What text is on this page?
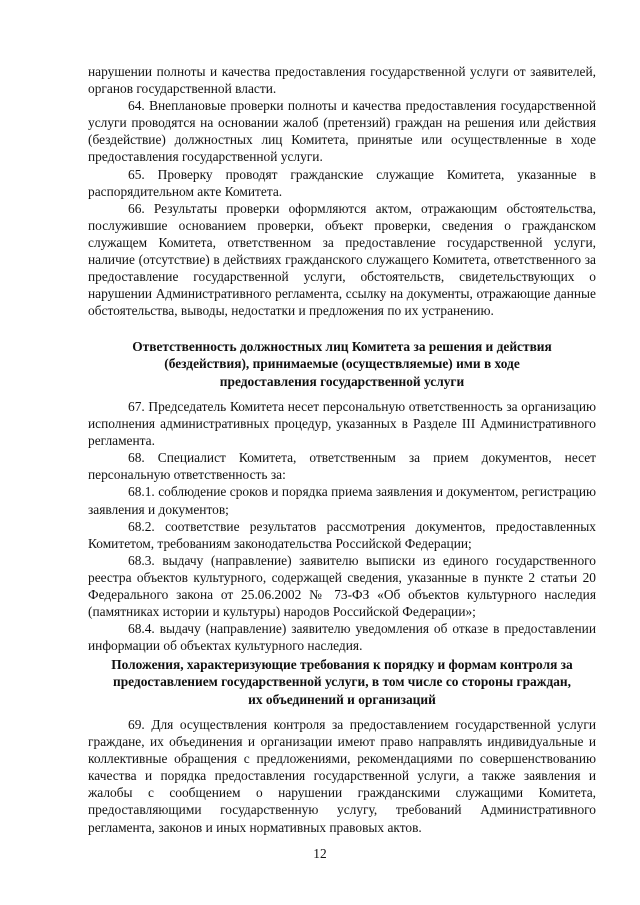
нарушении полноты и качества предоставления государственной услуги от заявителей, органов государственной власти.

64. Внеплановые проверки полноты и качества предоставления государственной услуги проводятся на основании жалоб (претензий) граждан на решения или действия (бездействие) должностных лиц Комитета, принятые или осуществленные в ходе предоставления государственной услуги.

65. Проверку проводят гражданские служащие Комитета, указанные в распорядительном акте Комитета.

66. Результаты проверки оформляются актом, отражающим обстоятельства, послужившие основанием проверки, объект проверки, сведения о гражданском служащем Комитета, ответственном за предоставление государственной услуги, наличие (отсутствие) в действиях гражданского служащего Комитета, ответственного за предоставление государственной услуги, обстоятельств, свидетельствующих о нарушении Административного регламента, ссылку на документы, отражающие данные обстоятельства, выводы, недостатки и предложения по их устранению.

Ответственность должностных лиц Комитета за решения и действия (бездействия), принимаемые (осуществляемые) ими в ходе предоставления государственной услуги

67. Председатель Комитета несет персональную ответственность за организацию исполнения административных процедур, указанных в Разделе III Административного регламента.

68. Специалист Комитета, ответственным за прием документов, несет персональную ответственность за:

68.1. соблюдение сроков и порядка приема заявления и документом, регистрацию заявления и документов;

68.2. соответствие результатов рассмотрения документов, предоставленных Комитетом, требованиям законодательства Российской Федерации;

68.3. выдачу (направление) заявителю выписки из единого государственного реестра объектов культурного, содержащей сведения, указанные в пункте 2 статьи 20 Федерального закона от 25.06.2002 № 73-ФЗ «Об объектов культурного наследия (памятниках истории и культуры) народов Российской Федерации»;

68.4. выдачу (направление) заявителю уведомления об отказе в предоставлении информации об объектах культурного наследия.

Положения, характеризующие требования к порядку и формам контроля за предоставлением государственной услуги, в том числе со стороны граждан, их объединений и организаций

69. Для осуществления контроля за предоставлением государственной услуги граждане, их объединения и организации имеют право направлять индивидуальные и коллективные обращения с предложениями, рекомендациями по совершенствованию качества и порядка предоставления государственной услуги, а также заявления и жалобы с сообщением о нарушении гражданскими служащими Комитета, предоставляющими государственную услугу, требований Административного регламента, законов и иных нормативных правовых актов.

12
